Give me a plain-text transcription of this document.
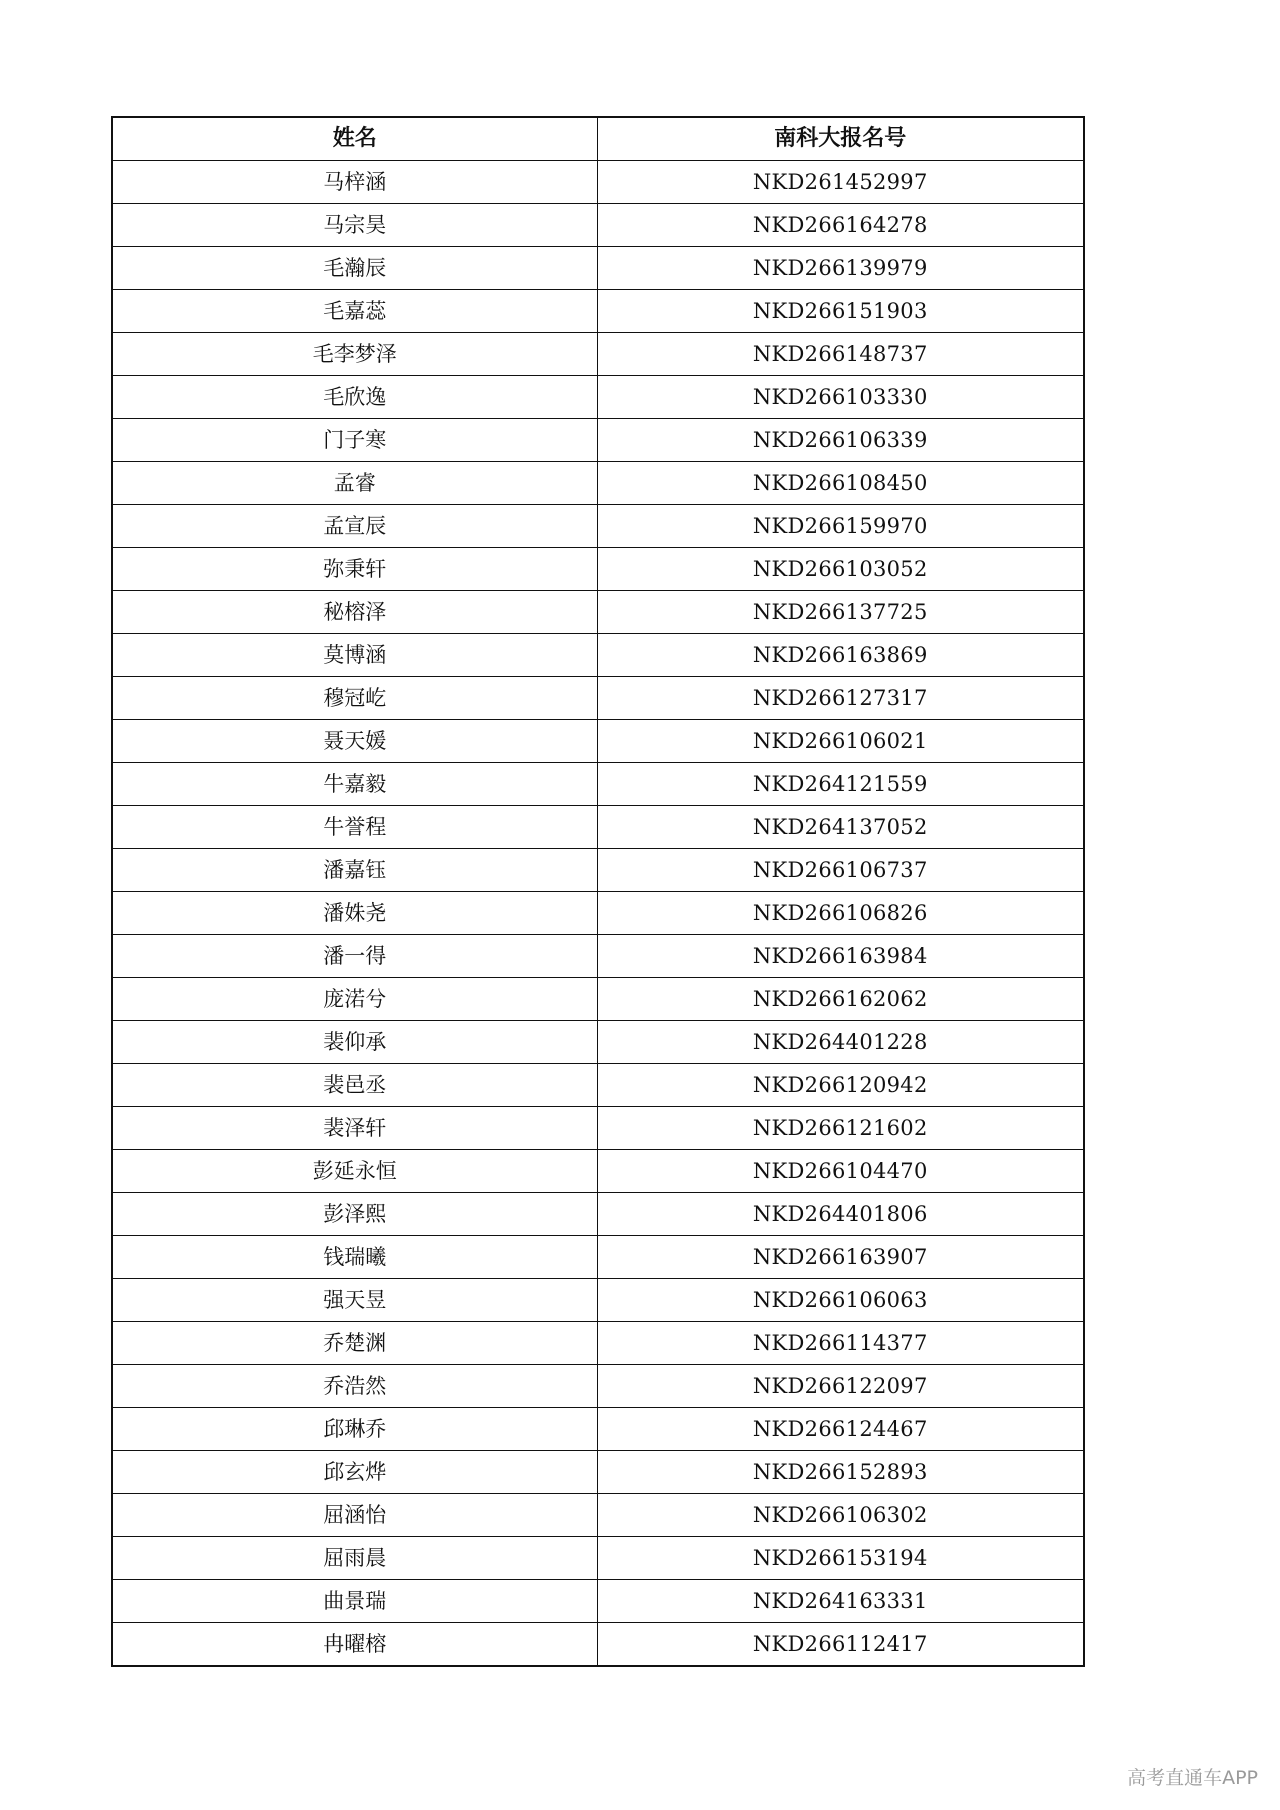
姓名	南科大报名号
马梓涵	NKD261452997
马宗昊	NKD266164278
毛瀚辰	NKD266139979
毛嘉蕊	NKD266151903
毛李梦泽	NKD266148737
毛欣逸	NKD266103330
门子寒	NKD266106339
孟睿	NKD266108450
孟宣辰	NKD266159970
弥秉轩	NKD266103052
秘榕泽	NKD266137725
莫博涵	NKD266163869
穆冠屹	NKD266127317
聂天媛	NKD266106021
牛嘉毅	NKD264121559
牛誉程	NKD264137052
潘嘉钰	NKD266106737
潘姝尧	NKD266106826
潘一得	NKD266163984
庞渃兮	NKD266162062
裴仰承	NKD264401228
裴邑丞	NKD266120942
裴泽轩	NKD266121602
彭延永恒	NKD266104470
彭泽熙	NKD264401806
钱瑞曦	NKD266163907
强天昱	NKD266106063
乔楚渊	NKD266114377
乔浩然	NKD266122097
邱琳乔	NKD266124467
邱玄烨	NKD266152893
屈涵怡	NKD266106302
屈雨晨	NKD266153194
曲景瑞	NKD264163331
冉曜榕	NKD266112417
高考直通车APP
